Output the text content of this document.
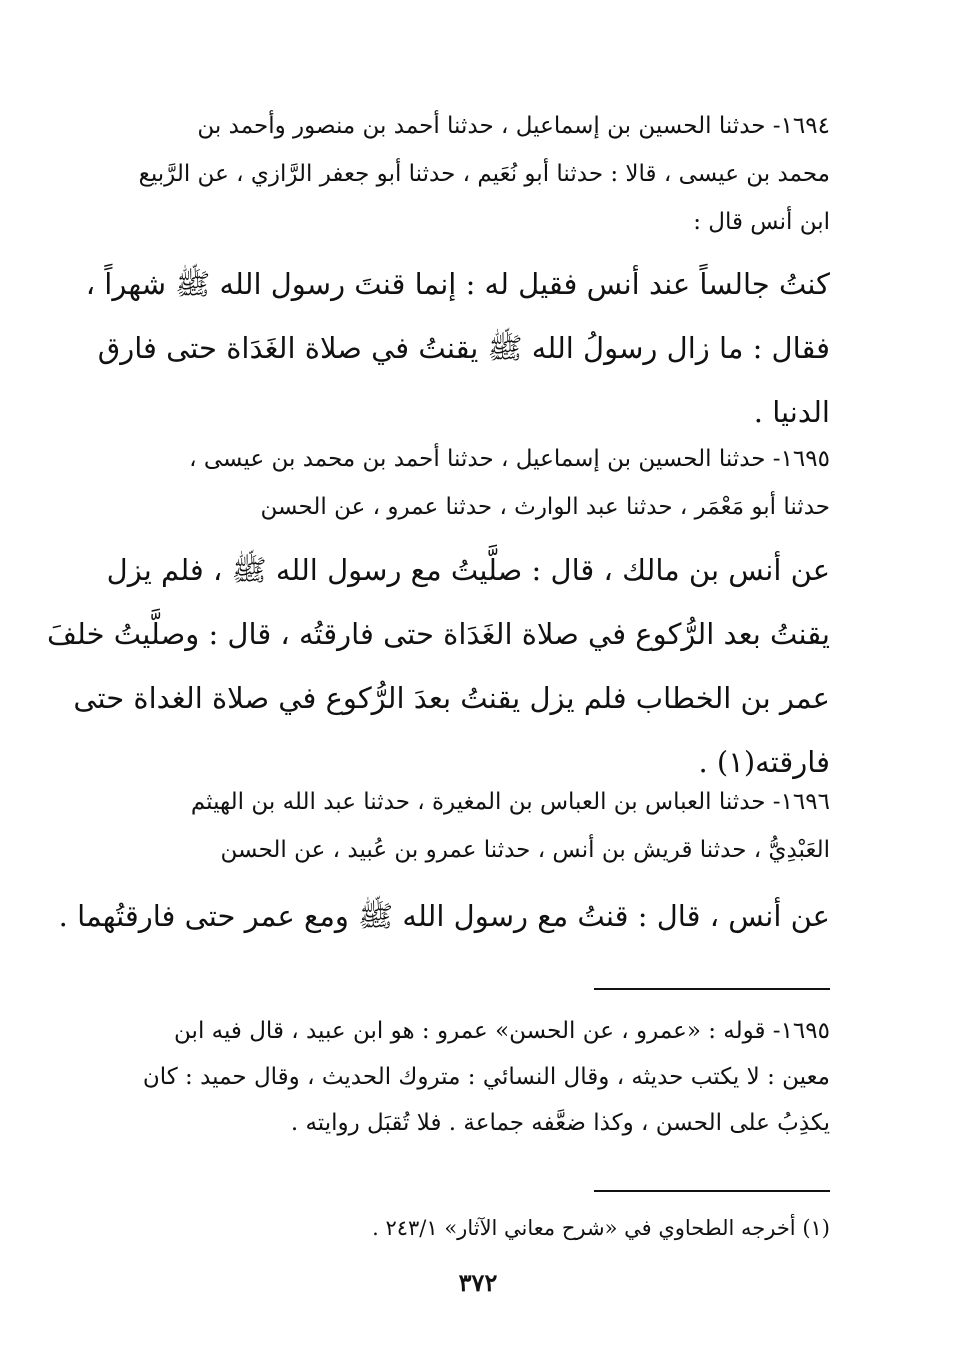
١٦٩٤- حدثنا الحسين بن إسماعيل ، حدثنا أحمد بن منصور وأحمد بن
محمد بن عيسى ، قالا : حدثنا أبو نُعَيم ، حدثنا أبو جعفر الرَّازي ، عن الرَّبيع
ابن أنس قال :
كنتُ جالساً عند أنس فقيل له : إنما قنتَ رسول الله ﷺ شهراً ،
فقال : ما زال رسولُ الله ﷺ يقنتُ في صلاة الغَدَاة حتى فارق
الدنيا .
١٦٩٥- حدثنا الحسين بن إسماعيل ، حدثنا أحمد بن محمد بن عيسى ،
حدثنا أبو مَعْمَر ، حدثنا عبد الوارث ، حدثنا عمرو ، عن الحسن
عن أنس بن مالك ، قال : صلَّيتُ مع رسول الله ﷺ ، فلم يزل
يقنتُ بعد الرُّكوع في صلاة الغَدَاة حتى فارقتُه ، قال : وصلَّيتُ خلفَ
عمر بن الخطاب فلم يزل يقنتُ بعدَ الرُّكوع في صلاة الغداة حتى
فارقته(١) .
١٦٩٦- حدثنا العباس بن العباس بن المغيرة ، حدثنا عبد الله بن الهيثم
العَبْدِيُّ ، حدثنا قريش بن أنس ، حدثنا عمرو بن عُبيد ، عن الحسن
عن أنس ، قال : قنتُ مع رسول الله ﷺ ومع عمر حتى فارقتُهما .
١٦٩٥- قوله : «عمرو ، عن الحسن» عمرو : هو ابن عبيد ، قال فيه ابن
معين : لا يكتب حديثه ، وقال النسائي : متروك الحديث ، وقال حميد : كان
يكذِبُ على الحسن ، وكذا ضعَّفه جماعة . فلا تُقبَل روايته .
(١) أخرجه الطحاوي في «شرح معاني الآثار» ٢٤٣/١ .
٣٧٢
